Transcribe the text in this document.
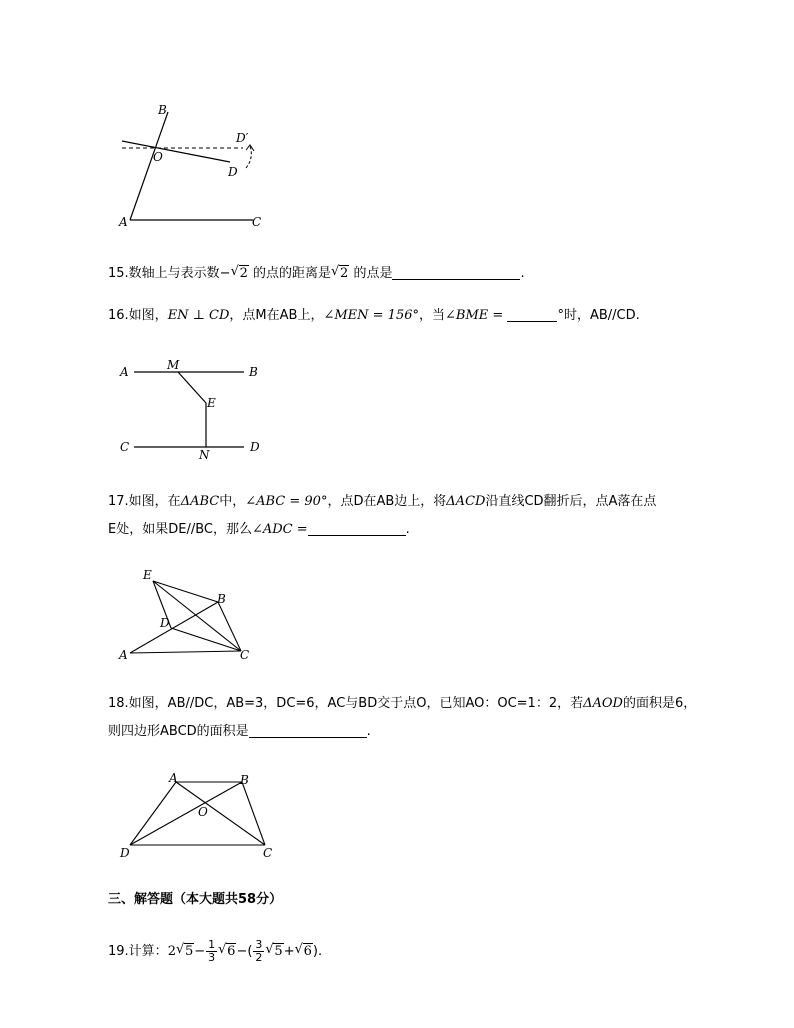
B
O
D′
D
A	C
15.数轴上与表示数− √ 2 的点的距离是 √ 2 的点是	.
16.如图，EN ⊥ CD，点M在AB上，∠MEN = 156°，当∠BME =	°时，AB//CD.
A	M	B
E
C
N
D
17.如图，在ΔABC中，∠ABC = 90°，点D在AB边上，将ΔACD沿直线CD翻折后，点A落在点
E处，如果DE//BC，那么∠ADC =	.
E
B
D
A	C
18.如图，AB//DC，AB=3，DC=6，AC与BD交于点O，已知AO：OC=1：2，若ΔAOD的面积是6，
则四边形ABCD的面积是	.
A	B
O
D	C
三、解答题（本大题共58分）
19.计算：2 √ $5- \frac{1}{3}$ √ $6-( \frac{3}{2}$ √ 5+ √ 6).
